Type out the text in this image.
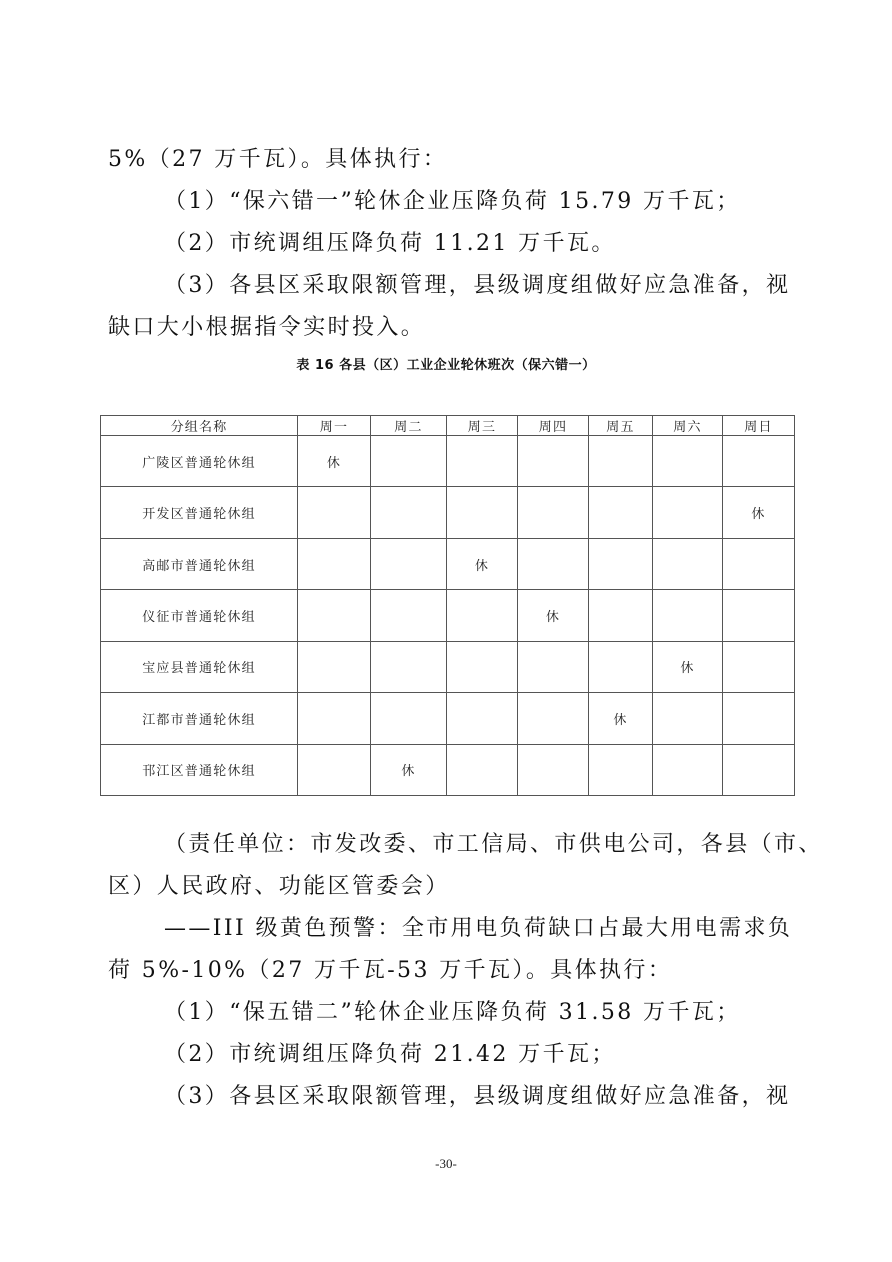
5%（27 万千瓦）。具体执行：
（1）“保六错一”轮休企业压降负荷 15.79 万千瓦；
（2）市统调组压降负荷 11.21 万千瓦。
（3）各县区采取限额管理，县级调度组做好应急准备，视
缺口大小根据指令实时投入。
表 16 各县（区）工业企业轮休班次（保六错一）
分组名称	周一	周二	周三	周四	周五	周六	周日
广陵区普通轮休组	休						
开发区普通轮休组							休
高邮市普通轮休组			休				
仪征市普通轮休组				休			
宝应县普通轮休组						休	
江都市普通轮休组					休		
邗江区普通轮休组		休					
（责任单位：市发改委、市工信局、市供电公司，各县（市、
区）人民政府、功能区管委会）
——III 级黄色预警：全市用电负荷缺口占最大用电需求负
荷 5%-10%（27 万千瓦-53 万千瓦）。具体执行：
（1）“保五错二”轮休企业压降负荷 31.58 万千瓦；
（2）市统调组压降负荷 21.42 万千瓦；
（3）各县区采取限额管理，县级调度组做好应急准备，视
-30-
